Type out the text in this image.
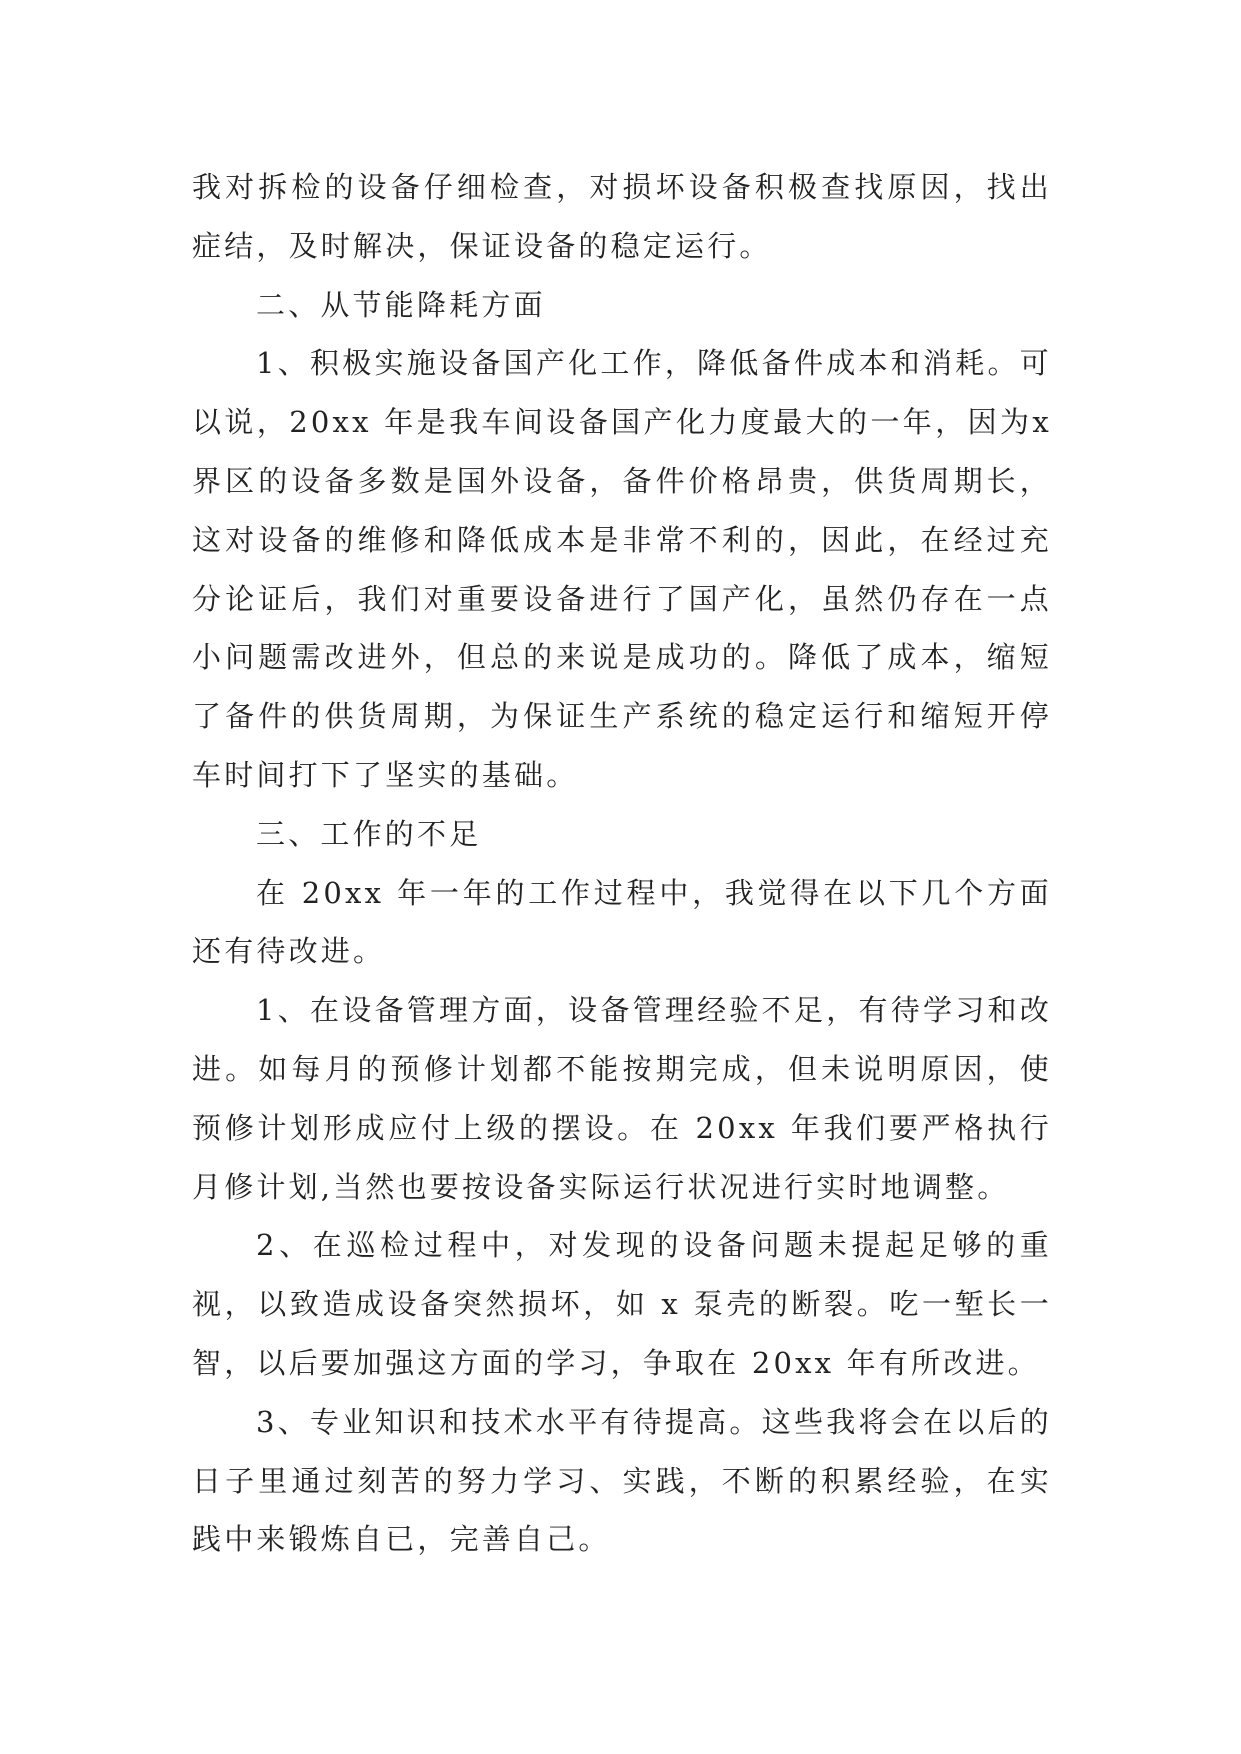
我对拆检的设备仔细检查，对损坏设备积极查找原因，找出症结，及时解决，保证设备的稳定运行。

二、从节能降耗方面

1、积极实施设备国产化工作，降低备件成本和消耗。可以说，20xx 年是我车间设备国产化力度最大的一年，因为x 界区的设备多数是国外设备，备件价格昂贵，供货周期长，这对设备的维修和降低成本是非常不利的，因此，在经过充分论证后，我们对重要设备进行了国产化，虽然仍存在一点小问题需改进外，但总的来说是成功的。降低了成本，缩短了备件的供货周期，为保证生产系统的稳定运行和缩短开停车时间打下了坚实的基础。

三、工作的不足

在 20xx 年一年的工作过程中，我觉得在以下几个方面还有待改进。

1、在设备管理方面，设备管理经验不足，有待学习和改进。如每月的预修计划都不能按期完成，但未说明原因，使预修计划形成应付上级的摆设。在 20xx 年我们要严格执行月修计划,当然也要按设备实际运行状况进行实时地调整。

2、在巡检过程中，对发现的设备问题未提起足够的重视，以致造成设备突然损坏，如 x 泵壳的断裂。吃一堑长一智，以后要加强这方面的学习，争取在 20xx 年有所改进。

3、专业知识和技术水平有待提高。这些我将会在以后的日子里通过刻苦的努力学习、实践，不断的积累经验，在实践中来锻炼自已，完善自己。
